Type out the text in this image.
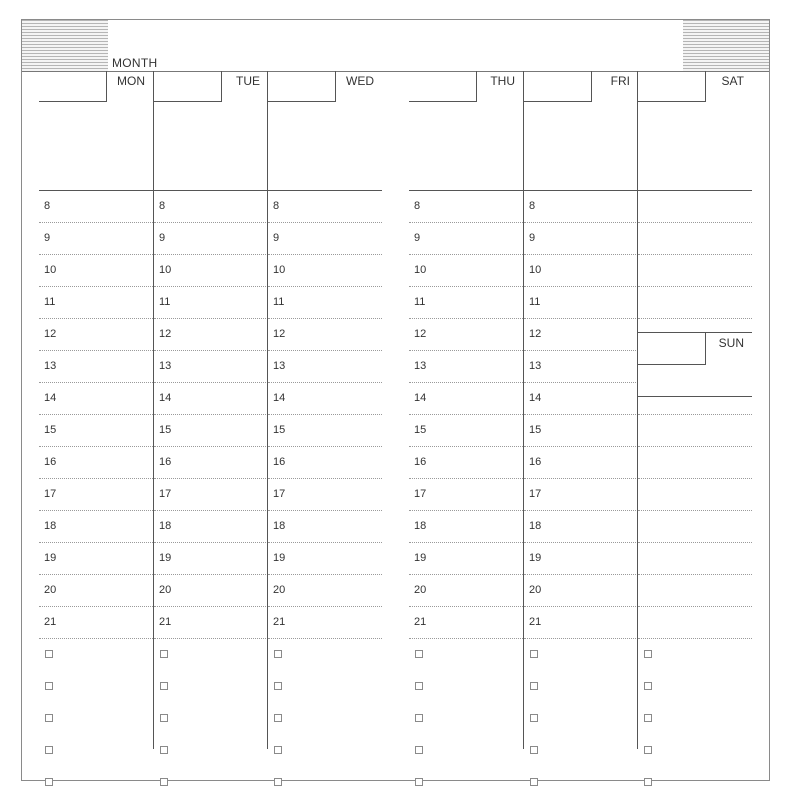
MONTH
MON
8
9
10
11
12
13
14
15
16
17
18
19
20
21
TUE
8
9
10
11
12
13
14
15
16
17
18
19
20
21
WED
8
9
10
11
12
13
14
15
16
17
18
19
20
21
THU
8
9
10
11
12
13
14
15
16
17
18
19
20
21
FRI
8
9
10
11
12
13
14
15
16
17
18
19
20
21
SAT
SUN
